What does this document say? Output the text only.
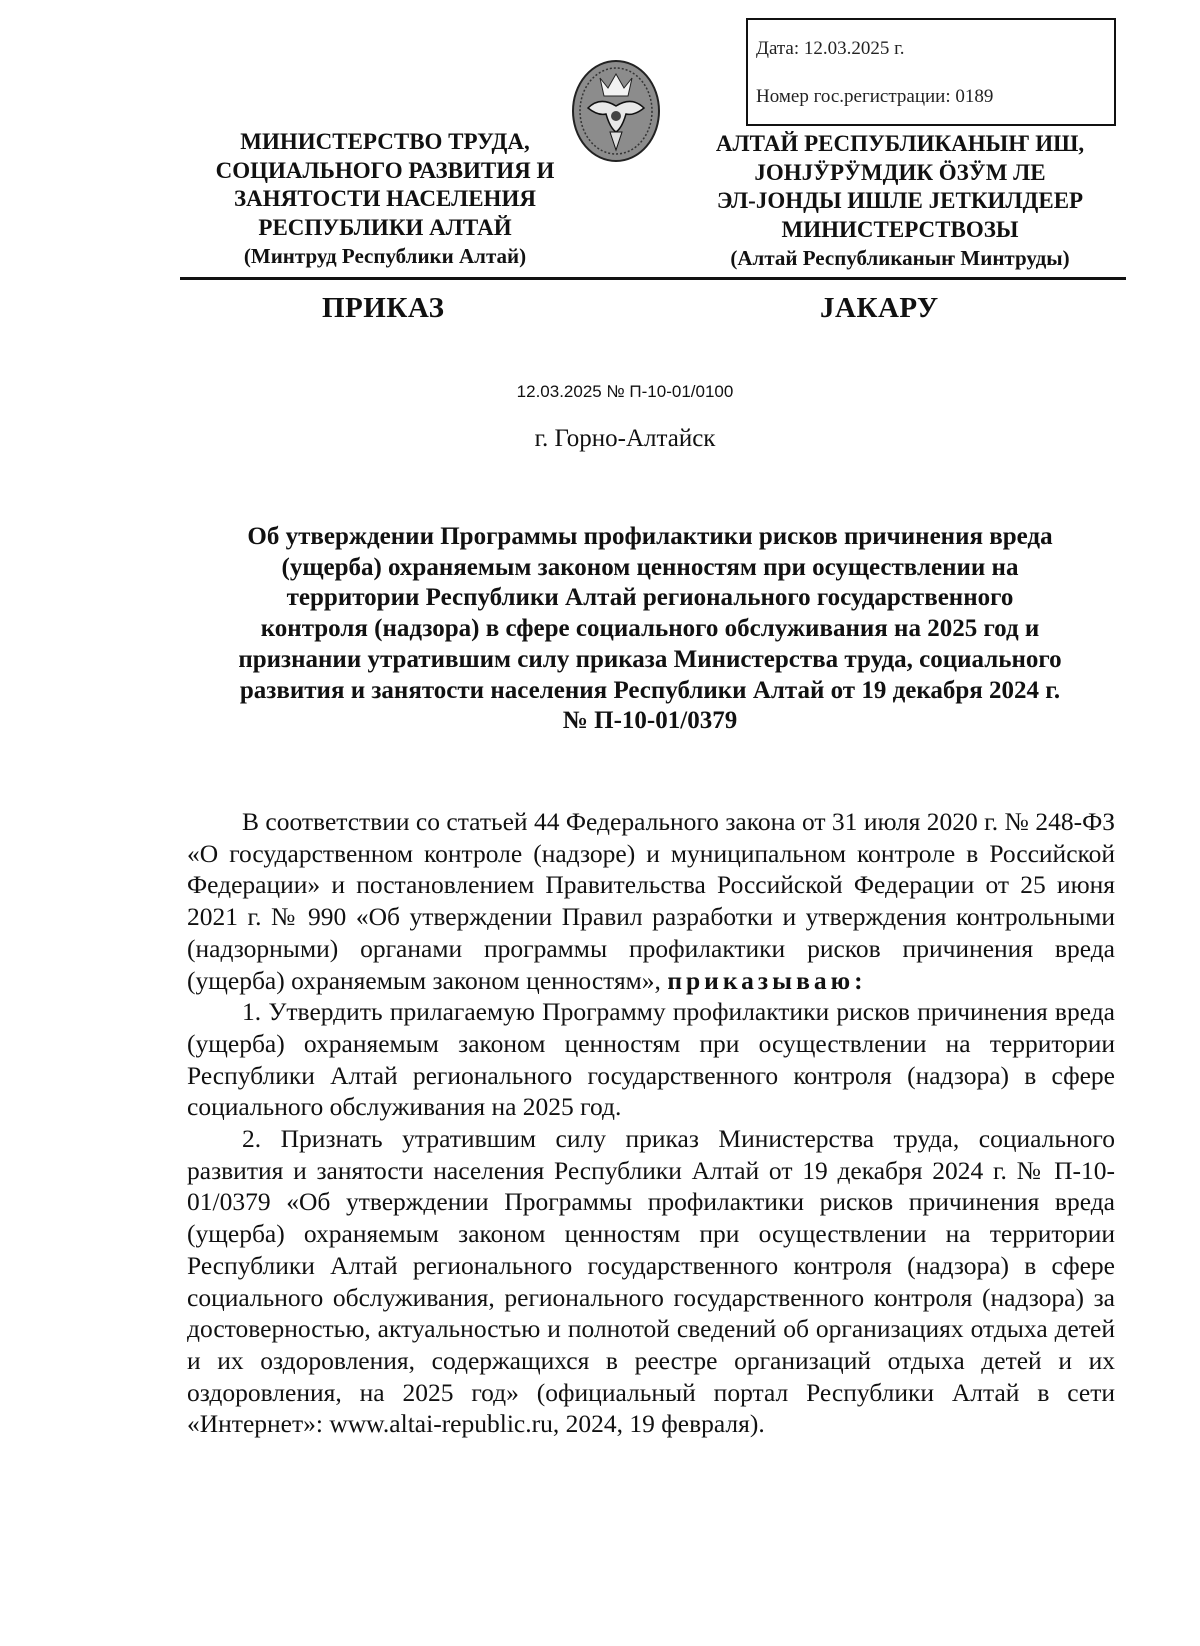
Дата: 12.03.2025 г.
Номер гос.регистрации: 0189
МИНИСТЕРСТВО ТРУДА,
СОЦИАЛЬНОГО РАЗВИТИЯ И
ЗАНЯТОСТИ НАСЕЛЕНИЯ
РЕСПУБЛИКИ АЛТАЙ
(Минтруд Республики Алтай)
АЛТАЙ РЕСПУБЛИКАНЫҤ ИШ,
ЈОНЈӰРӰМДИК ӦЗӰМ ЛЕ
ЭЛ-ЈОНДЫ ИШЛЕ ЈЕТКИЛДЕЕР
МИНИСТЕРСТВОЗЫ
(Алтай Республиканыҥ Минтруды)
ПРИКАЗ	ЈАКАРУ
12.03.2025 № П-10-01/0100
г. Горно-Алтайск
Об утверждении Программы профилактики рисков причинения вреда
(ущерба) охраняемым законом ценностям при осуществлении на
территории Республики Алтай регионального государственного
контроля (надзора) в сфере социального обслуживания на 2025 год и
признании утратившим силу приказа Министерства труда, социального
развития и занятости населения Республики Алтай от 19 декабря 2024 г.
№ П-10-01/0379

В соответствии со статьей 44 Федерального закона от 31 июля 2020 г. № 248-ФЗ «О государственном контроле (надзоре) и муниципальном контроле в Российской Федерации» и постановлением Правительства Российской Федерации от 25 июня 2021 г. № 990 «Об утверждении Правил разработки и утверждения контрольными (надзорными) органами программы профилактики рисков причинения вреда (ущерба) охраняемым законом ценностям», приказываю:

1. Утвердить прилагаемую Программу профилактики рисков причинения вреда (ущерба) охраняемым законом ценностям при осуществлении на территории Республики Алтай регионального государственного контроля (надзора) в сфере социального обслуживания на 2025 год.

2. Признать утратившим силу приказ Министерства труда, социального развития и занятости населения Республики Алтай от 19 декабря 2024 г. № П-10-01/0379 «Об утверждении Программы профилактики рисков причинения вреда (ущерба) охраняемым законом ценностям при осуществлении на территории Республики Алтай регионального государственного контроля (надзора) в сфере социального обслуживания, регионального государственного контроля (надзора) за достоверностью, актуальностью и полнотой сведений об организациях отдыха детей и их оздоровления, содержащихся в реестре организаций отдыха детей и их оздоровления, на 2025 год» (официальный портал Республики Алтай в сети «Интернет»: www.altai-republic.ru, 2024, 19 февраля).
